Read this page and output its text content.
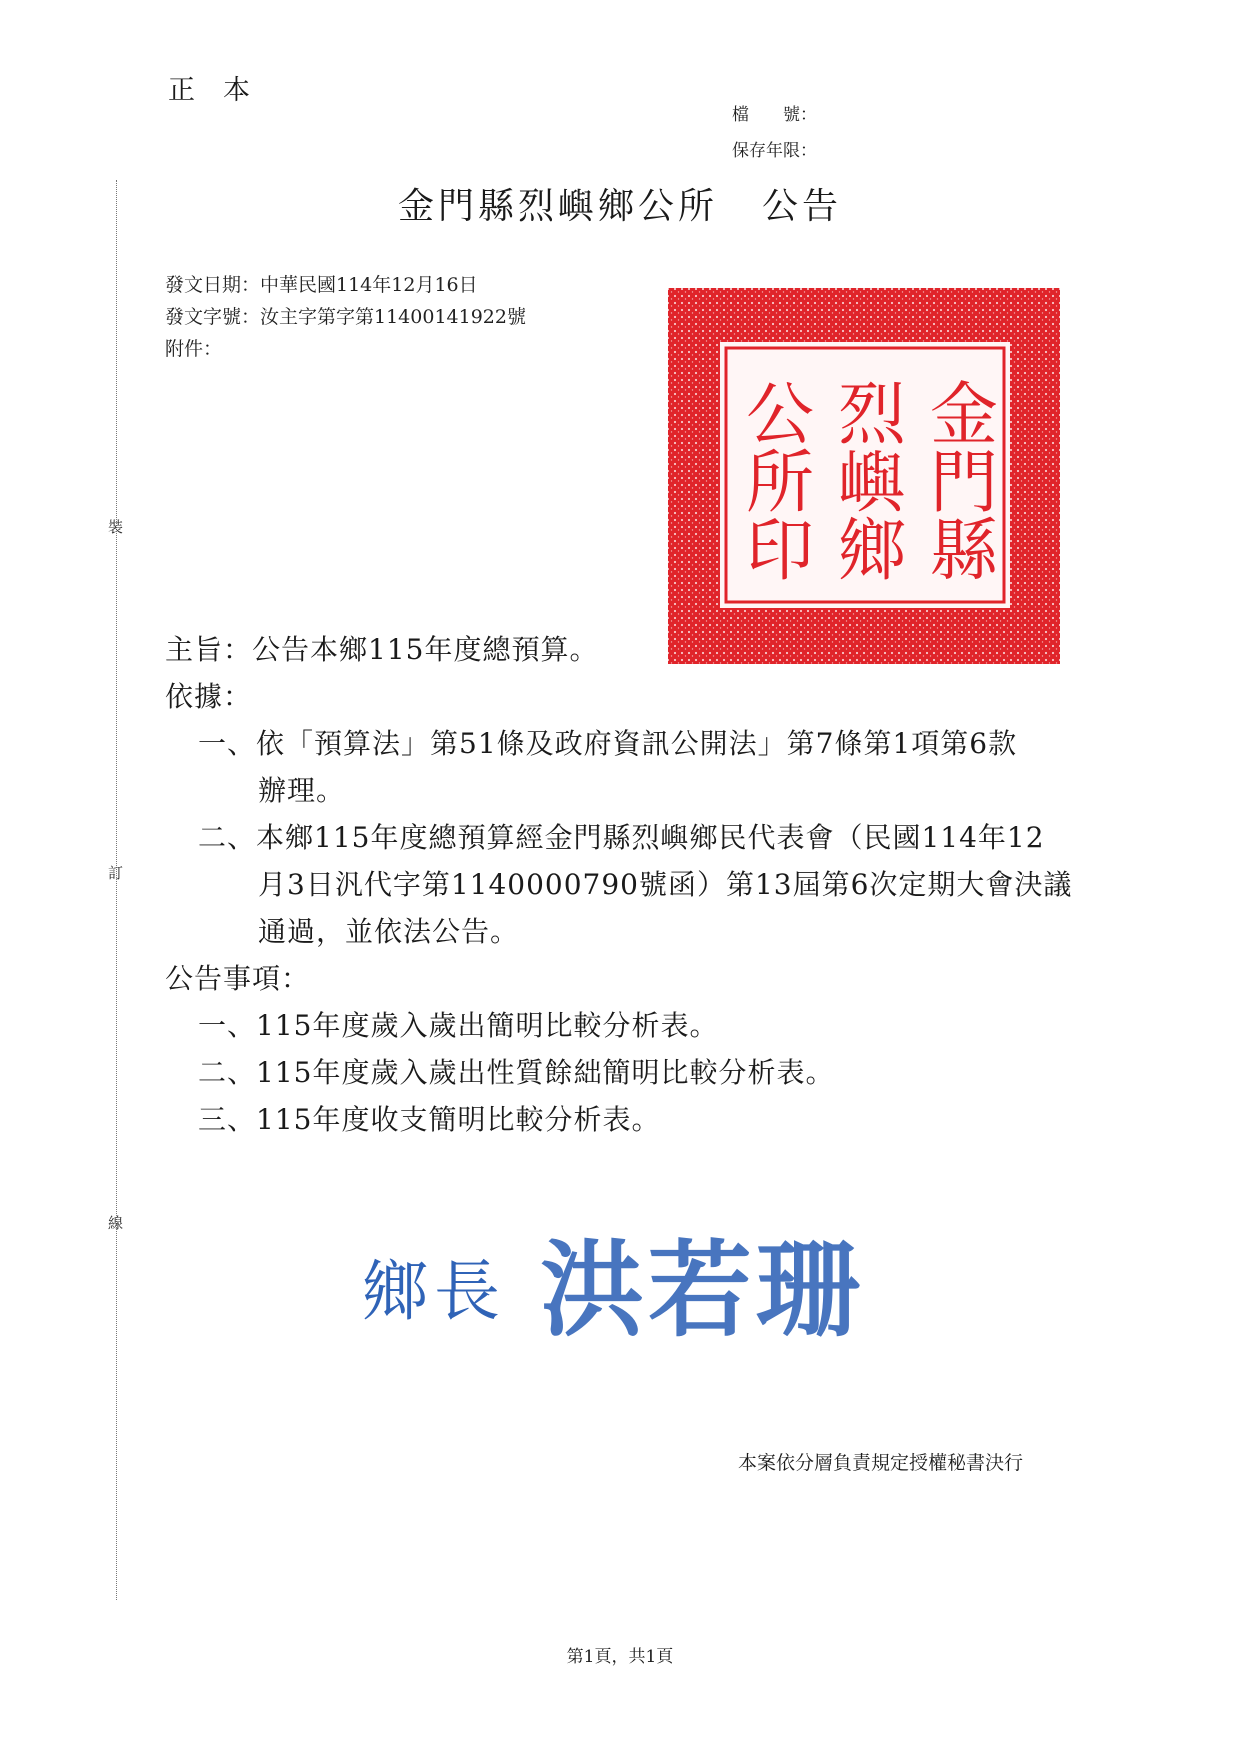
裝
訂
線
正本
檔　　號：
保存年限：
金門縣烈嶼鄉公所 公告
發文日期：中華民國114年12月16日
發文字號：汝主字第字第11400141922號
附件：
金門縣
烈嶼鄉
公所印
主旨：公告本鄉115年度總預算。
依據：
一、依「預算法」第51條及政府資訊公開法」第7條第1項第6款
辦理。
二、本鄉115年度總預算經金門縣烈嶼鄉民代表會（民國114年12
月3日汎代字第1140000790號函）第13屆第6次定期大會決議
通過，並依法公告。
公告事項：
一、115年度歲入歲出簡明比較分析表。
二、115年度歲入歲出性質餘絀簡明比較分析表。
三、115年度收支簡明比較分析表。
鄉長 洪若珊
本案依分層負責規定授權秘書決行
第1頁，共1頁
